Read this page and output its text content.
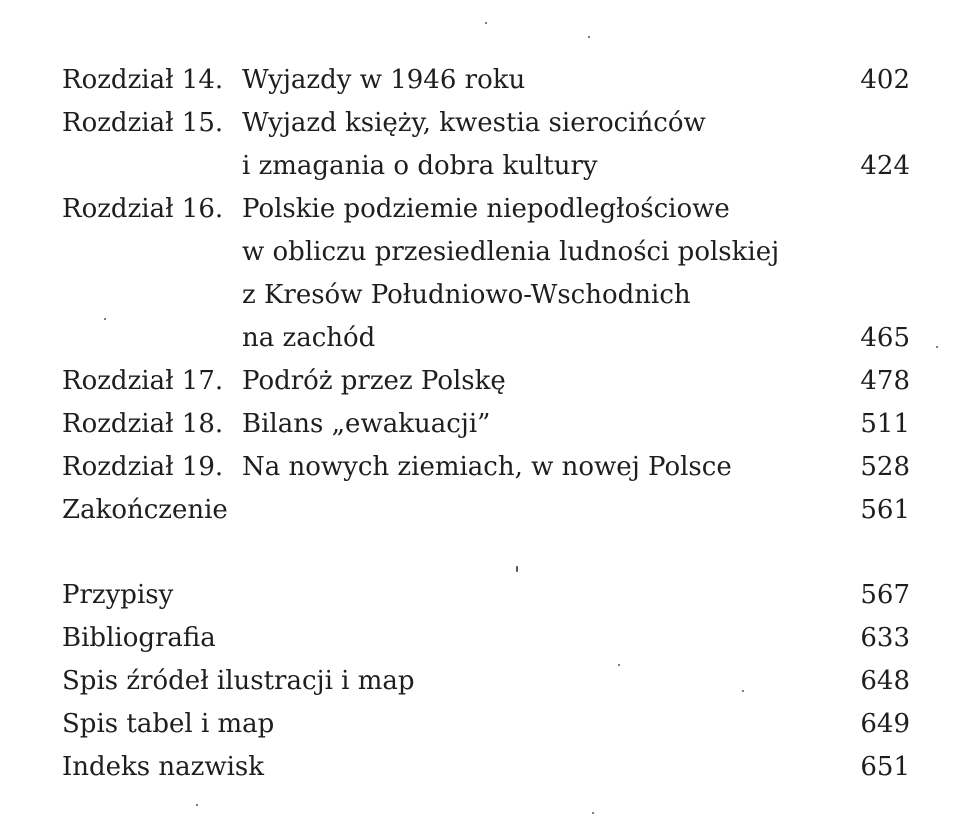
Rozdział 14. Wyjazdy w 1946 roku	402
Rozdział 15. Wyjazd księży, kwestia sierocińców
i zmagania o dobra kultury	424
Rozdział 16. Polskie podziemie niepodległościowe
w obliczu przesiedlenia ludności polskiej
z Kresów Południowo-Wschodnich
na zachód	465
Rozdział 17. Podróż przez Polskę	478
Rozdział 18. Bilans „ewakuacji”	511
Rozdział 19. Na nowych ziemiach, w nowej Polsce	528
Zakończenie	561
Przypisy	567
Bibliografia	633
Spis źródeł ilustracji i map	648
Spis tabel i map	649
Indeks nazwisk	651
